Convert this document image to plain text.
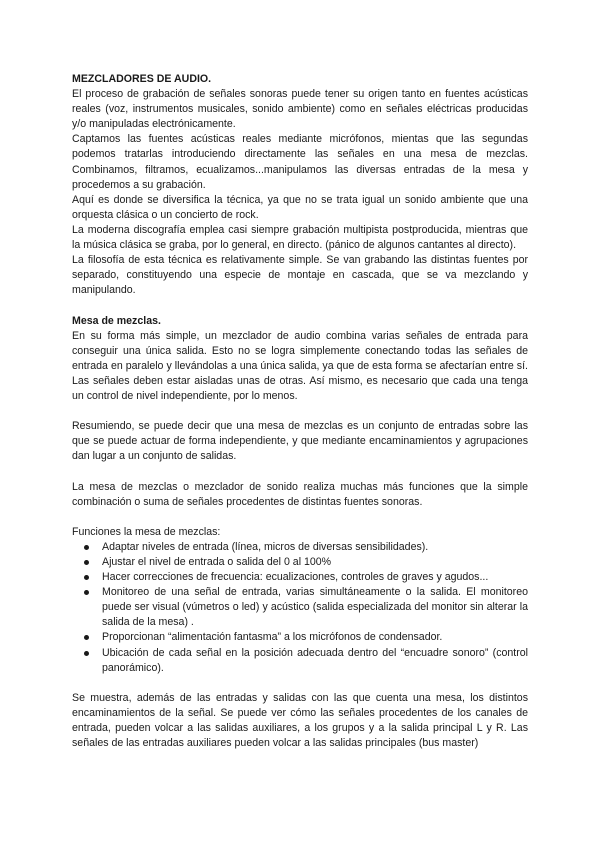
MEZCLADORES DE AUDIO.

El proceso de grabación de señales sonoras puede tener su origen tanto en fuentes acústicas reales (voz, instrumentos musicales, sonido ambiente) como en señales eléctricas producidas y/o manipuladas electrónicamente.

Captamos las fuentes acústicas reales mediante micrófonos, mientas que las segundas podemos tratarlas introduciendo directamente las señales en una mesa de mezclas. Combinamos, filtramos, ecualizamos...manipulamos las diversas entradas de la mesa y procedemos a su grabación.

Aquí es donde se diversifica la técnica, ya que no se trata igual un sonido ambiente que una orquesta clásica o un concierto de rock.

La moderna discografía emplea casi siempre grabación multipista postproducida, mientras que la música clásica se graba, por lo general, en directo. (pánico de algunos cantantes al directo).

La filosofía de esta técnica es relativamente simple. Se van grabando las distintas fuentes por separado, constituyendo una especie de montaje en cascada, que se va mezclando y manipulando.

Mesa de mezclas.

En su forma más simple, un mezclador de audio combina varias señales de entrada para conseguir una única salida. Esto no se logra simplemente conectando todas las señales de entrada en paralelo y llevándolas a una única salida, ya que de esta forma se afectarían entre sí. Las señales deben estar aisladas unas de otras. Así mismo, es necesario que cada una tenga un control de nivel independiente, por lo menos.

Resumiendo, se puede decir que una mesa de mezclas es un conjunto de entradas sobre las que se puede actuar de forma independiente, y que mediante encaminamientos y agrupaciones dan lugar a un conjunto de salidas.

La mesa de mezclas o mezclador de sonido realiza muchas más funciones que la simple combinación o suma de señales procedentes de distintas fuentes sonoras.

Funciones la mesa de mezclas:

Adaptar niveles de entrada (línea, micros de diversas sensibilidades).
Ajustar el nivel de entrada o salida del 0 al 100%
Hacer correcciones de frecuencia: ecualizaciones, controles de graves y agudos...
Monitoreo de una señal de entrada, varias simultáneamente o la salida. El monitoreo puede ser visual (vúmetros o led) y acústico (salida especializada del monitor sin alterar la salida de la mesa) .
Proporcionan “alimentación fantasma” a los micrófonos de condensador.
Ubicación de cada señal en la posición adecuada dentro del “encuadre sonoro” (control panorámico).

Se muestra, además de las entradas y salidas con las que cuenta una mesa, los distintos encaminamientos de la señal. Se puede ver cómo las señales procedentes de los canales de entrada, pueden volcar a las salidas auxiliares, a los grupos y a la salida principal L y R. Las señales de las entradas auxiliares pueden volcar a las salidas principales (bus master)
